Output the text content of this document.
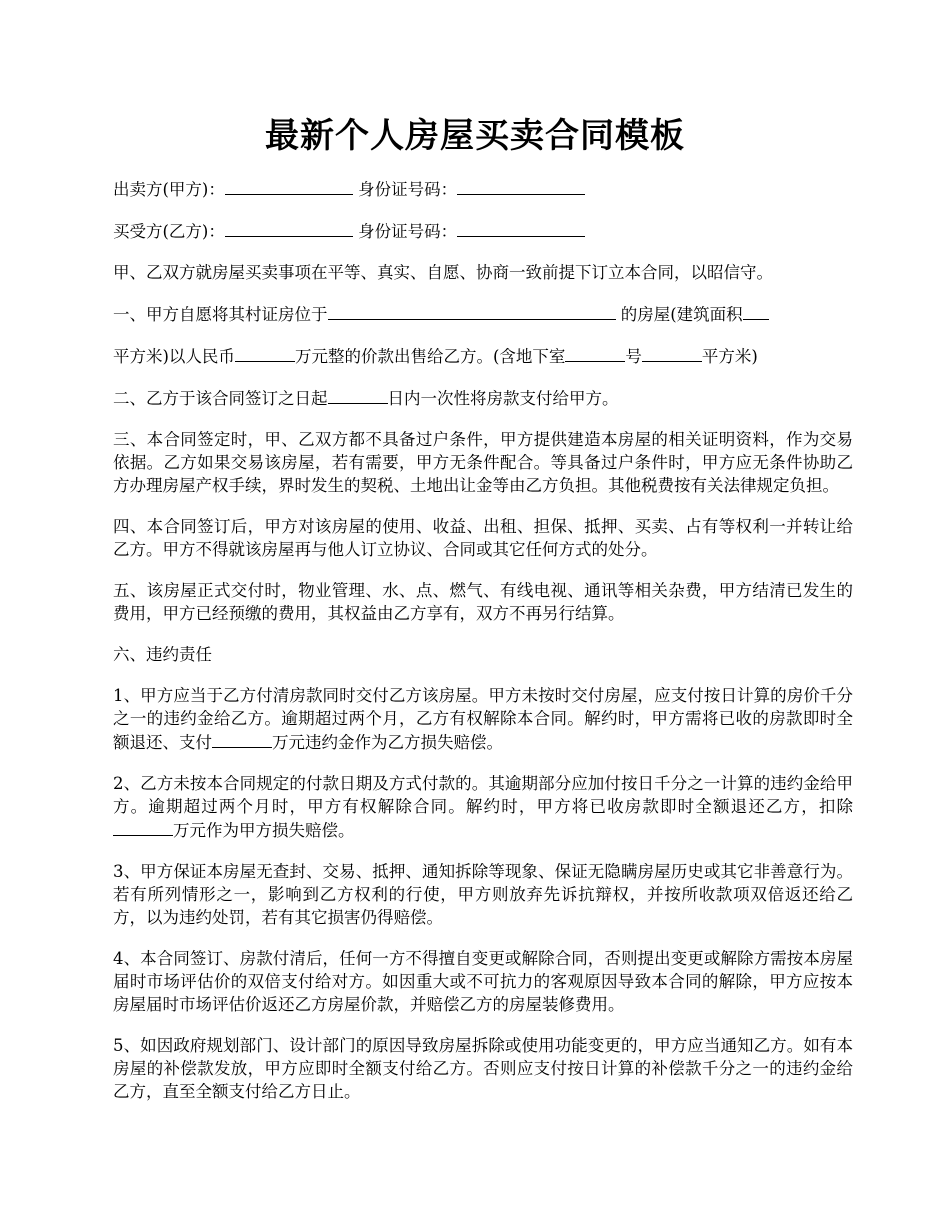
最新个人房屋买卖合同模板
出卖方(甲方)：	身份证号码：
买受方(乙方)：	身份证号码：
甲、乙双方就房屋买卖事项在平等、真实、自愿、协商一致前提下订立本合同，以昭信守。
一、甲方自愿将其村证房位于	的房屋(建筑面积
平方米)以人民币	万元整的价款出售给乙方。(含地下室	号	平方米)
二、乙方于该合同签订之日起	日内一次性将房款支付给甲方。
三、本合同签定时，甲、乙双方都不具备过户条件，甲方提供建造本房屋的相关证明资料，作为交易依据。乙方如果交易该房屋，若有需要，甲方无条件配合。等具备过户条件时，甲方应无条件协助乙方办理房屋产权手续，界时发生的契税、土地出让金等由乙方负担。其他税费按有关法律规定负担。
四、本合同签订后，甲方对该房屋的使用、收益、出租、担保、抵押、买卖、占有等权利一并转让给乙方。甲方不得就该房屋再与他人订立协议、合同或其它任何方式的处分。
五、该房屋正式交付时，物业管理、水、点、燃气、有线电视、通讯等相关杂费，甲方结清已发生的费用，甲方已经预缴的费用，其权益由乙方享有，双方不再另行结算。
六、违约责任
1、甲方应当于乙方付清房款同时交付乙方该房屋。甲方未按时交付房屋，应支付按日计算的房价千分之一的违约金给乙方。逾期超过两个月，乙方有权解除本合同。解约时，甲方需将已收的房款即时全额退还、支付	万元违约金作为乙方损失赔偿。
2、乙方未按本合同规定的付款日期及方式付款的。其逾期部分应加付按日千分之一计算的违约金给甲方。逾期超过两个月时，甲方有权解除合同。解约时，甲方将已收房款即时全额退还乙方，扣除万元作为甲方损失赔偿。
3、甲方保证本房屋无查封、交易、抵押、通知拆除等现象、保证无隐瞒房屋历史或其它非善意行为。若有所列情形之一，影响到乙方权利的行使，甲方则放弃先诉抗辩权，并按所收款项双倍返还给乙方，以为违约处罚，若有其它损害仍得赔偿。
4、本合同签订、房款付清后，任何一方不得擅自变更或解除合同，否则提出变更或解除方需按本房屋届时市场评估价的双倍支付给对方。如因重大或不可抗力的客观原因导致本合同的解除，甲方应按本房屋届时市场评估价返还乙方房屋价款，并赔偿乙方的房屋装修费用。
5、如因政府规划部门、设计部门的原因导致房屋拆除或使用功能变更的，甲方应当通知乙方。如有本房屋的补偿款发放，甲方应即时全额支付给乙方。否则应支付按日计算的补偿款千分之一的违约金给乙方，直至全额支付给乙方日止。
